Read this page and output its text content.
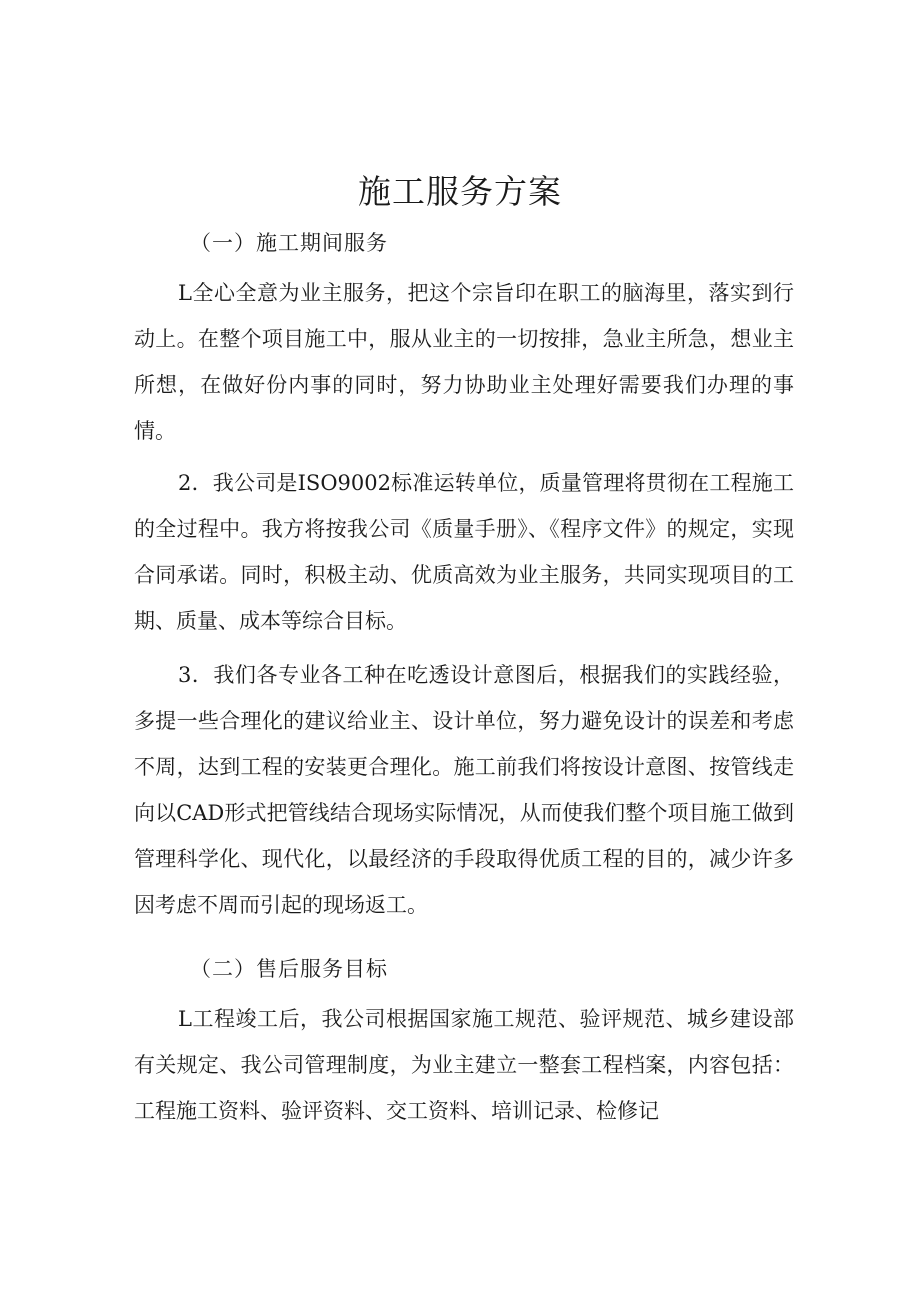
施工服务方案
（一）施工期间服务
L全心全意为业主服务，把这个宗旨印在职工的脑海里，落实到行动上。在整个项目施工中，服从业主的一切按排，急业主所急，想业主所想，在做好份内事的同时，努力协助业主处理好需要我们办理的事情。
2．我公司是ISO9002标准运转单位，质量管理将贯彻在工程施工的全过程中。我方将按我公司《质量手册》、《程序文件》的规定，实现合同承诺。同时，积极主动、优质高效为业主服务，共同实现项目的工期、质量、成本等综合目标。
3．我们各专业各工种在吃透设计意图后，根据我们的实践经验，多提一些合理化的建议给业主、设计单位，努力避免设计的误差和考虑不周，达到工程的安装更合理化。施工前我们将按设计意图、按管线走向以CAD形式把管线结合现场实际情况，从而使我们整个项目施工做到管理科学化、现代化，以最经济的手段取得优质工程的目的，减少许多因考虑不周而引起的现场返工。
（二）售后服务目标
L工程竣工后，我公司根据国家施工规范、验评规范、城乡建设部有关规定、我公司管理制度，为业主建立一整套工程档案，内容包括：工程施工资料、验评资料、交工资料、培训记录、检修记
